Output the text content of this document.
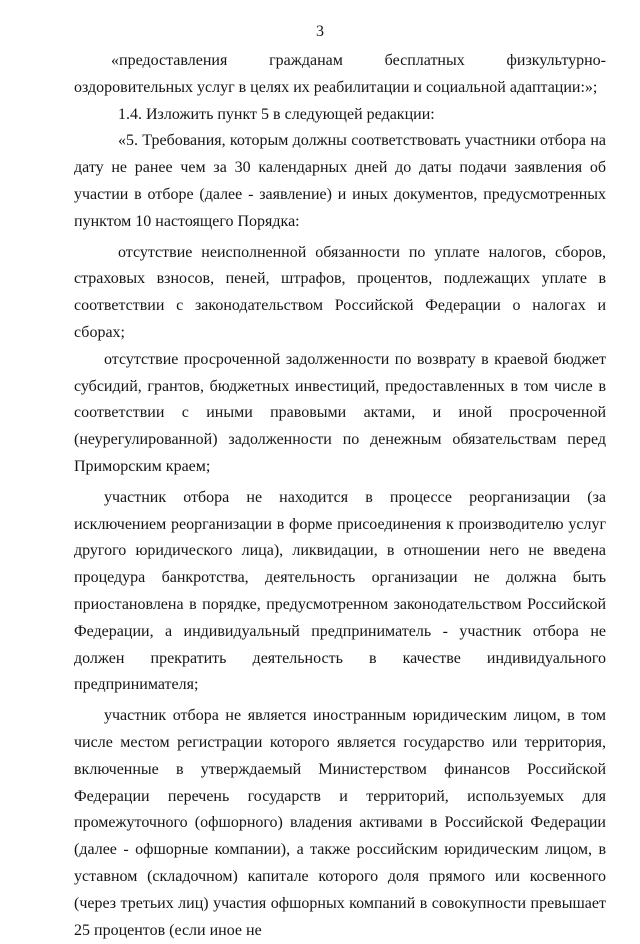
3

«предоставления гражданам бесплатных физкультурно-оздоровительных услуг в целях их реабилитации и социальной адаптации:»;

1.4. Изложить пункт 5 в следующей редакции:

«5. Требования, которым должны соответствовать участники отбора на дату не ранее чем за 30 календарных дней до даты подачи заявления об участии в отборе (далее - заявление) и иных документов, предусмотренных пунктом 10 настоящего Порядка:

отсутствие неисполненной обязанности по уплате налогов, сборов, страховых взносов, пеней, штрафов, процентов, подлежащих уплате в соответствии с законодательством Российской Федерации о налогах и сборах;

отсутствие просроченной задолженности по возврату в краевой бюджет субсидий, грантов, бюджетных инвестиций, предоставленных в том числе в соответствии с иными правовыми актами, и иной просроченной (неурегулированной) задолженности по денежным обязательствам перед Приморским краем;

участник отбора не находится в процессе реорганизации (за исключением реорганизации в форме присоединения к производителю услуг другого юридического лица), ликвидации, в отношении него не введена процедура банкротства, деятельность организации не должна быть приостановлена в порядке, предусмотренном законодательством Российской Федерации, а индивидуальный предприниматель - участник отбора не должен прекратить деятельность в качестве индивидуального предпринимателя;

участник отбора не является иностранным юридическим лицом, в том числе местом регистрации которого является государство или территория, включенные в утверждаемый Министерством финансов Российской Федерации перечень государств и территорий, используемых для промежуточного (офшорного) владения активами в Российской Федерации (далее - офшорные компании), а также российским юридическим лицом, в уставном (складочном) капитале которого доля прямого или косвенного (через третьих лиц) участия офшорных компаний в совокупности превышает 25 процентов (если иное не
